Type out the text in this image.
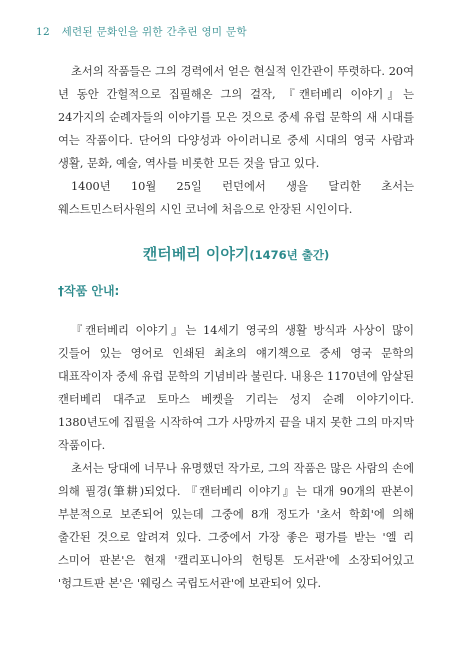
12 세련된 문화인을 위한 간추린 영미 문학

초서의 작품들은 그의 경력에서 얻은 현실적 인간관이 뚜렷하다. 20여 년 동안 간헐적으로 집필해온 그의 걸작, 『캔터베리 이야기』는 24가지의 순례자들의 이야기를 모은 것으로 중세 유럽 문학의 새 시대를 여는 작품이다. 단어의 다양성과 아이러니로 중세 시대의 영국 사람과 생활, 문화, 예술, 역사를 비롯한 모든 것을 담고 있다.

1400년 10월 25일 런던에서 생을 달리한 초서는 웨스트민스터사원의 시인 코너에 처음으로 안장된 시인이다.

캔터베리 이야기(1476년 출간)
†작품 안내:

『캔터베리 이야기』는 14세기 영국의 생활 방식과 사상이 많이 깃들어 있는 영어로 인쇄된 최초의 얘기책으로 중세 영국 문학의 대표작이자 중세 유럽 문학의 기념비라 불린다. 내용은 1170년에 암살된 캔터베리 대주교 토마스 베켓을 기리는 성지 순례 이야기이다. 1380년도에 집필을 시작하여 그가 사망까지 끝을 내지 못한 그의 마지막 작품이다.

초서는 당대에 너무나 유명했던 작가로, 그의 작품은 많은 사람의 손에 의해 필경(筆耕)되었다. 『캔터베리 이야기』는 대개 90개의 판본이 부분적으로 보존되어 있는데 그중에 8개 정도가 '초서 학회'에 의해 출간된 것으로 알려져 있다. 그중에서 가장 좋은 평가를 받는 '엘 리 스미어 판본'은 현재 '캘리포니아의 헌팅톤 도서관'에 소장되어있고 '헝그트판 본'은 '웨링스 국립도서관'에 보관되어 있다.
